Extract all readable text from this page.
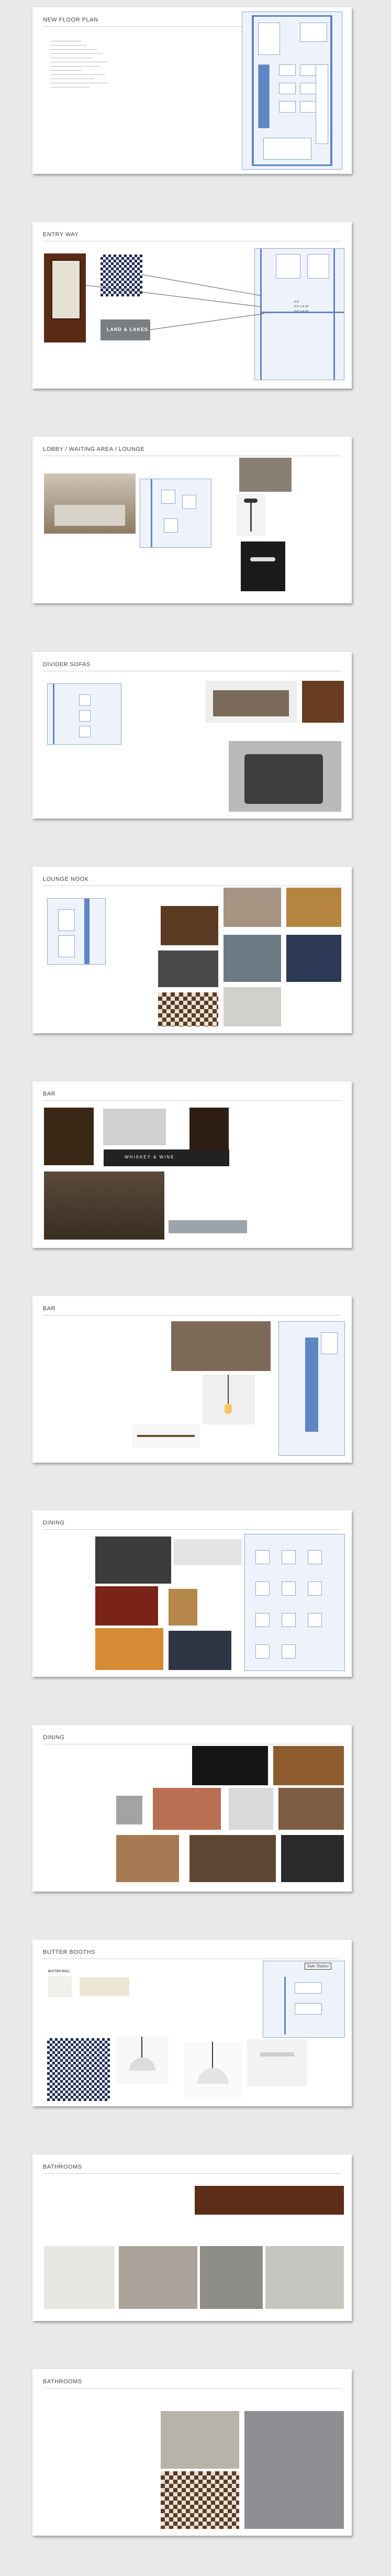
NEW FLOOR PLAN
ENTRY WAY
LAND & LAKES
8'-0"
8'-0" x 4'-10"
9'-0" x 4'-10"
LOBBY / WAITING AREA / LOUNGE
DIVIDER SOFAS
LOUNGE NOOK
BAR
WHISKEY & WINE
BAR
DINING
DINING
BUTTER BOOTHS
BUTTER ROLL
Side Station
BATHROOMS
BATHROOMS
